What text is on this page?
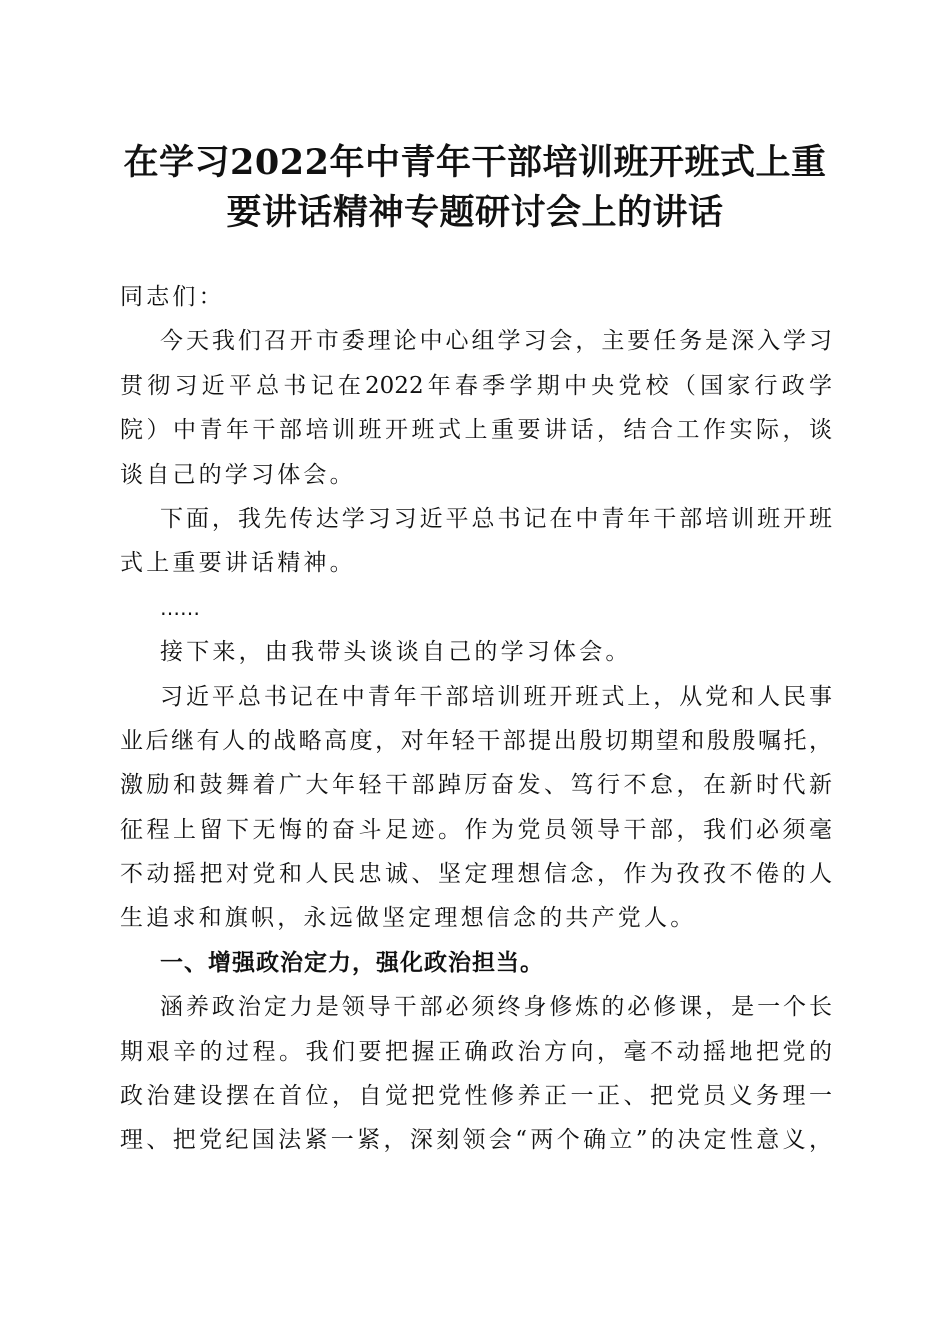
在学习2022年中青年干部培训班开班式上重
要讲话精神专题研讨会上的讲话
同志们：
今天我们召开市委理论中心组学习会，主要任务是深入学习
贯彻习近平总书记在2022年春季学期中央党校（国家行政学
院）中青年干部培训班开班式上重要讲话，结合工作实际，谈
谈自己的学习体会。
下面，我先传达学习习近平总书记在中青年干部培训班开班
式上重要讲话精神。
……
接下来，由我带头谈谈自己的学习体会。
习近平总书记在中青年干部培训班开班式上，从党和人民事
业后继有人的战略高度，对年轻干部提出殷切期望和殷殷嘱托，
激励和鼓舞着广大年轻干部踔厉奋发、笃行不怠，在新时代新
征程上留下无悔的奋斗足迹。作为党员领导干部，我们必须毫
不动摇把对党和人民忠诚、坚定理想信念，作为孜孜不倦的人
生追求和旗帜，永远做坚定理想信念的共产党人。
一、增强政治定力，强化政治担当。
涵养政治定力是领导干部必须终身修炼的必修课，是一个长
期艰辛的过程。我们要把握正确政治方向，毫不动摇地把党的
政治建设摆在首位，自觉把党性修养正一正、把党员义务理一
理、把党纪国法紧一紧，深刻领会“两个确立”的决定性意义，
